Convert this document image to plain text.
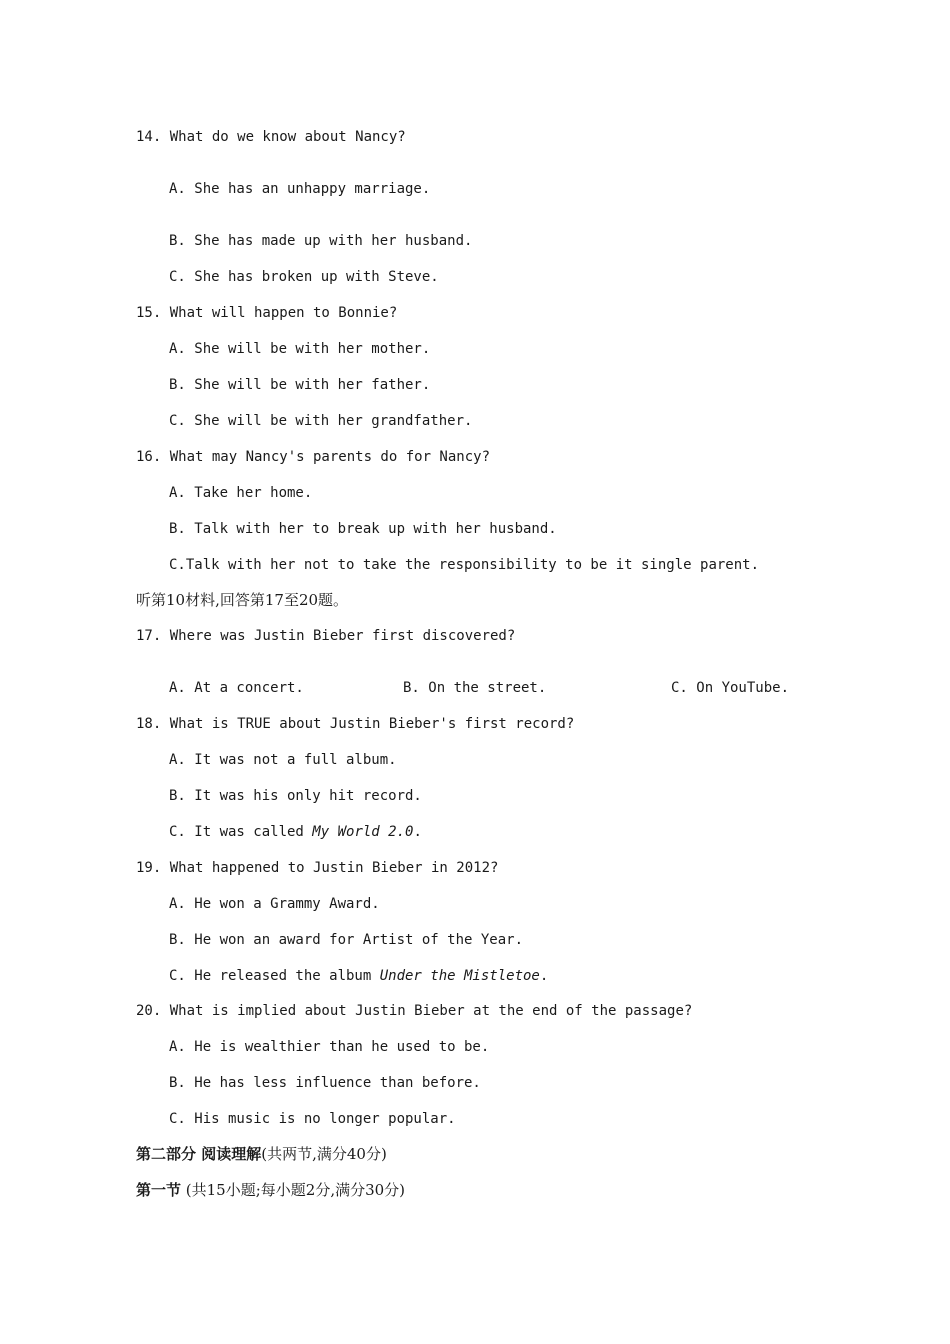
14. What do we know about Nancy?
A. She has an unhappy marriage.
B. She has made up with her husband.
C. She has broken up with Steve.
15. What will happen to Bonnie?
A. She will be with her mother.
B. She will be with her father.
C. She will be with her grandfather.
16. What may Nancy's parents do for Nancy?
A. Take her home.
B. Talk with her to break up with her husband.
C.Talk with her not to take the responsibility to be it single parent.
听第10材料,回答第17至20题。
17. Where was Justin Bieber first discovered?
A. At a concert.	B. On the street.	C. On YouTube.
18. What is TRUE about Justin Bieber's first record?
A. It was not a full album.
B. It was his only hit record.
C. It was called My World 2.0.
19. What happened to Justin Bieber in 2012?
A. He won a Grammy Award.
B. He won an award for Artist of the Year.
C. He released the album Under the Mistletoe.
20. What is implied about Justin Bieber at the end of the passage?
A. He is wealthier than he used to be.
B. He has less influence than before.
C. His music is no longer popular.
第二部分 阅读理解(共两节,满分40分)
第一节 (共15小题;每小题2分,满分30分)
